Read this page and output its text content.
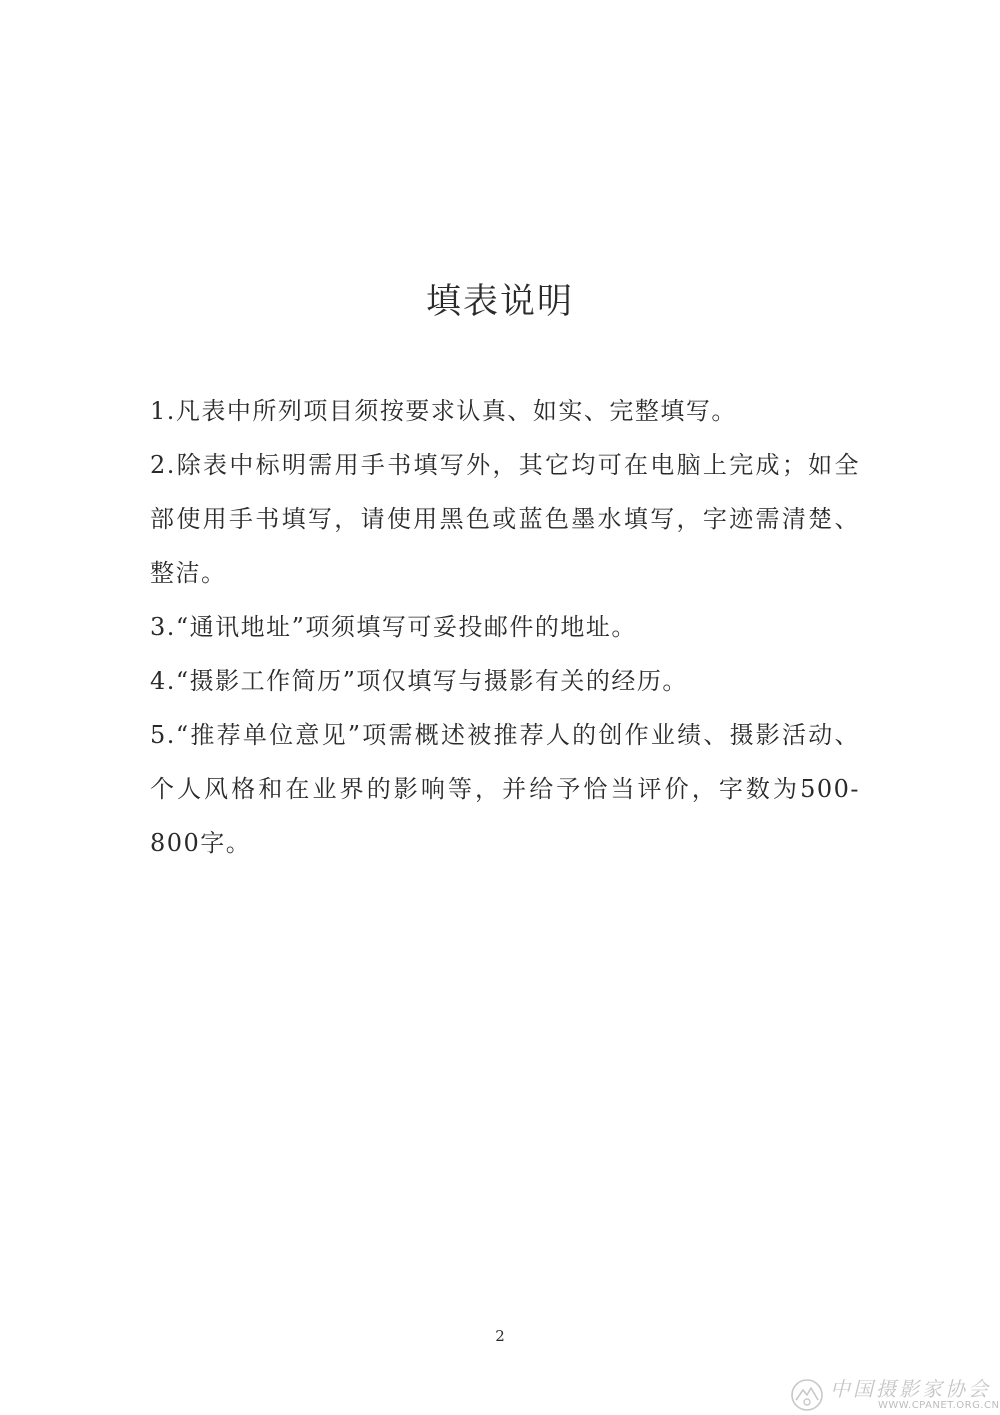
填表说明
1.凡表中所列项目须按要求认真、如实、完整填写。
2.除表中标明需用手书填写外，其它均可在电脑上完成；如全部使用手书填写，请使用黑色或蓝色墨水填写，字迹需清楚、整洁。
3.“通讯地址”项须填写可妥投邮件的地址。
4.“摄影工作简历”项仅填写与摄影有关的经历。
5.“推荐单位意见”项需概述被推荐人的创作业绩、摄影活动、个人风格和在业界的影响等，并给予恰当评价，字数为500-800字。
2
中国摄影家协会
WWW.CPANET.ORG.CN
